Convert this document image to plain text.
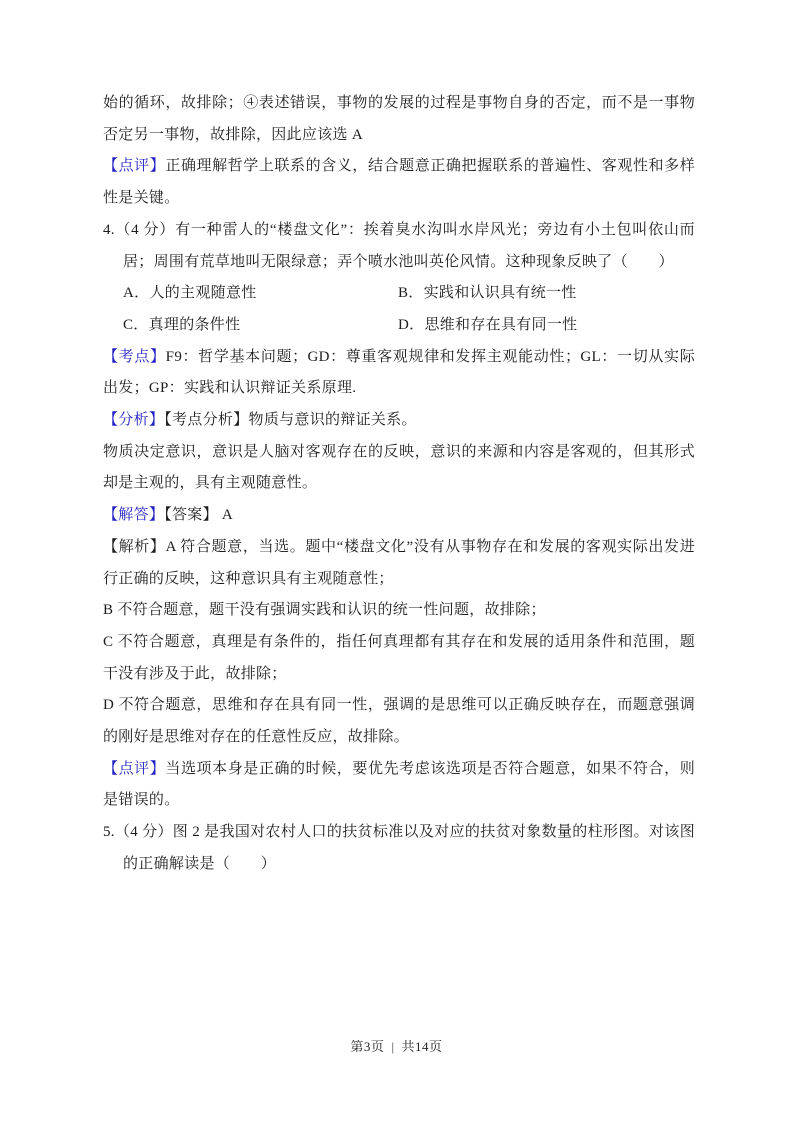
始的循环，故排除；④表述错误，事物的发展的过程是事物自身的否定，而不是一事物否定另一事物，故排除，因此应该选 A

【点评】正确理解哲学上联系的含义，结合题意正确把握联系的普遍性、客观性和多样性是关键。

4.（4 分）有一种雷人的“楼盘文化”：挨着臭水沟叫水岸风光；旁边有小土包叫依山而居；周围有荒草地叫无限绿意；弄个喷水池叫英伦风情。这种现象反映了（　　）

A．人的主观随意性	B．实践和认识具有统一性
C．真理的条件性	D．思维和存在具有同一性

【考点】F9：哲学基本问题；GD：尊重客观规律和发挥主观能动性；GL：一切从实际出发；GP：实践和认识辩证关系原理.

【分析】【考点分析】物质与意识的辩证关系。

物质决定意识，意识是人脑对客观存在的反映，意识的来源和内容是客观的，但其形式却是主观的，具有主观随意性。

【解答】【答案】 A

【解析】A 符合题意，当选。题中“楼盘文化”没有从事物存在和发展的客观实际出发进行正确的反映，这种意识具有主观随意性；

B 不符合题意，题干没有强调实践和认识的统一性问题，故排除；

C 不符合题意，真理是有条件的，指任何真理都有其存在和发展的适用条件和范围，题干没有涉及于此，故排除；

D 不符合题意，思维和存在具有同一性，强调的是思维可以正确反映存在，而题意强调的刚好是思维对存在的任意性反应，故排除。

【点评】当选项本身是正确的时候，要优先考虑该选项是否符合题意，如果不符合，则是错误的。

5.（4 分）图 2 是我国对农村人口的扶贫标准以及对应的扶贫对象数量的柱形图。对该图的正确解读是（　　）

第3页 | 共14页
